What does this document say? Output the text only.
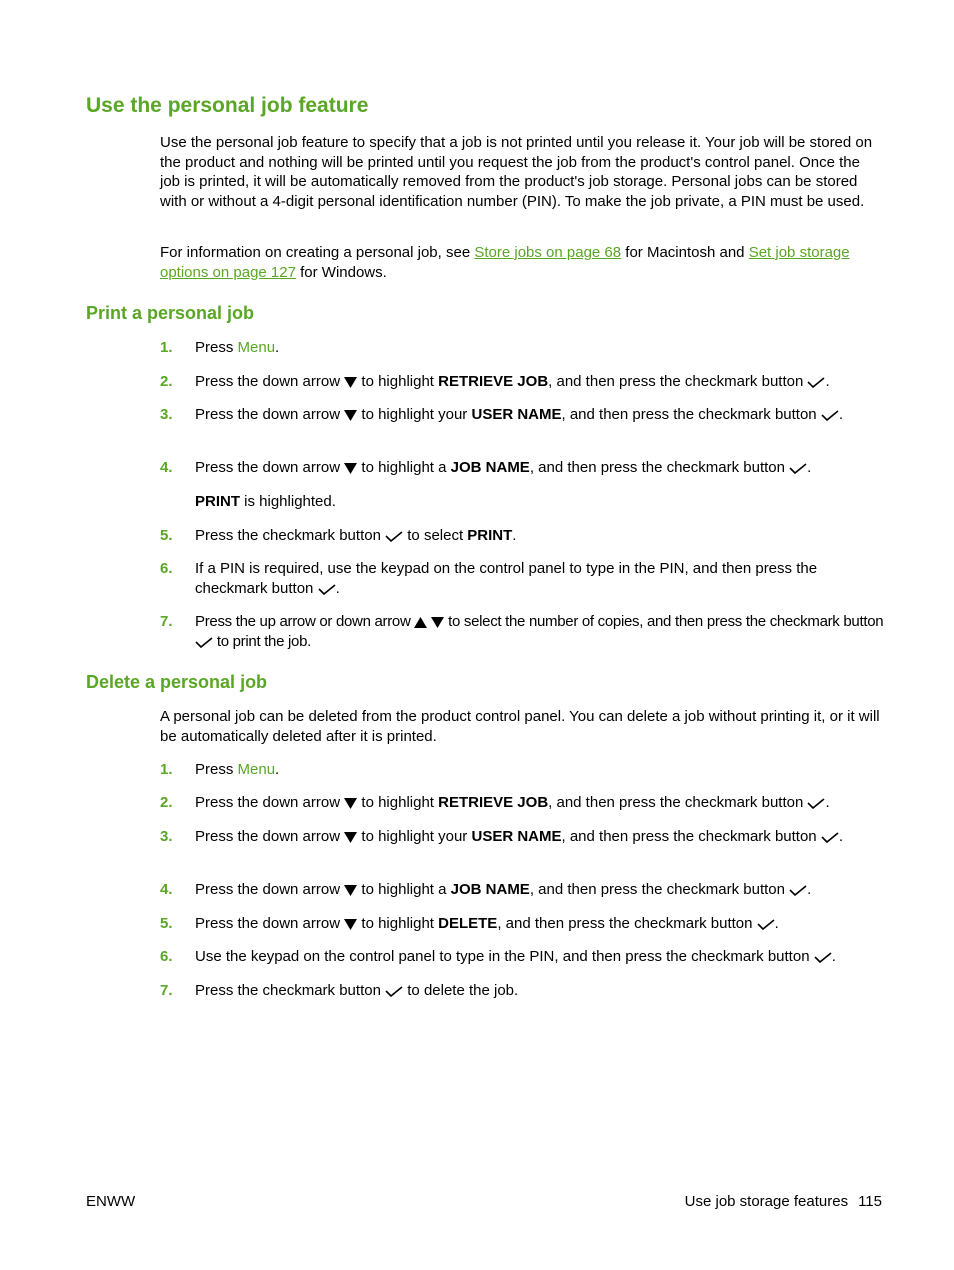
Use the personal job feature

Use the personal job feature to specify that a job is not printed until you release it. Your job will be stored on the product and nothing will be printed until you request the job from the product's control panel. Once the job is printed, it will be automatically removed from the product's job storage. Personal jobs can be stored with or without a 4-digit personal identification number (PIN). To make the job private, a PIN must be used.

For information on creating a personal job, see Store jobs on page 68 for Macintosh and Set job storage options on page 127 for Windows.

Print a personal job
1. Press Menu.
2. Press the down arrow  to highlight RETRIEVE JOB, and then press the checkmark button .
3. Press the down arrow  to highlight your USER NAME, and then press the checkmark button .
4. Press the down arrow  to highlight a JOB NAME, and then press the checkmark button .
PRINT is highlighted.
5. Press the checkmark button  to select PRINT.
6. If a PIN is required, use the keypad on the control panel to type in the PIN, and then press the checkmark button .
7. Press the up arrow or down arrow   to select the number of copies, and then press the checkmark button  to print the job.
Delete a personal job

A personal job can be deleted from the product control panel. You can delete a job without printing it, or it will be automatically deleted after it is printed.

1. Press Menu.
2. Press the down arrow  to highlight RETRIEVE JOB, and then press the checkmark button .
3. Press the down arrow  to highlight your USER NAME, and then press the checkmark button .
4. Press the down arrow  to highlight a JOB NAME, and then press the checkmark button .
5. Press the down arrow  to highlight DELETE, and then press the checkmark button .
6. Use the keypad on the control panel to type in the PIN, and then press the checkmark button .
7. Press the checkmark button  to delete the job.
ENWW	Use job storage features 115
